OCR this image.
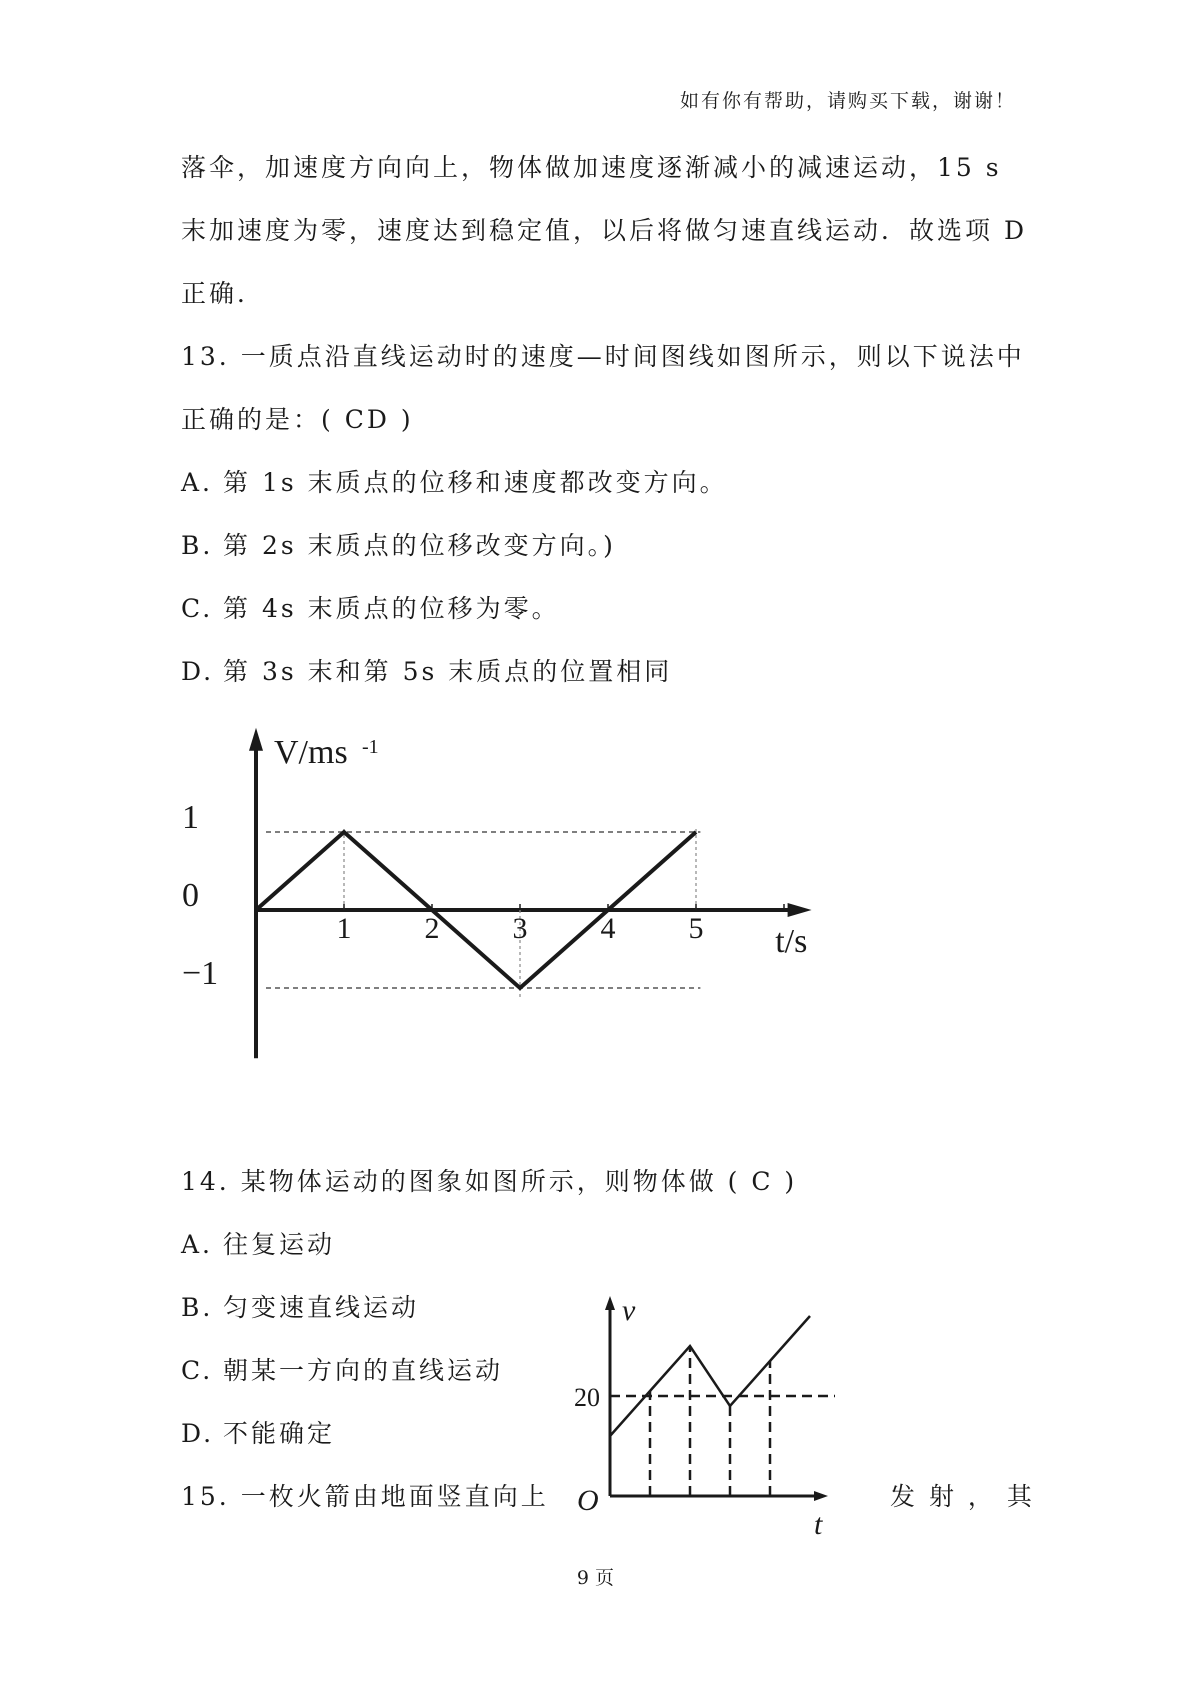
如有你有帮助，请购买下载，谢谢！
落伞，加速度方向向上，物体做加速度逐渐减小的减速运动，15 s
末加速度为零，速度达到稳定值，以后将做匀速直线运动．故选项 D
正确．
13. 一质点沿直线运动时的速度—时间图线如图所示，则以下说法中
正确的是：( CD )
A. 第 1s 末质点的位移和速度都改变方向。
B. 第 2s 末质点的位移改变方向。)
C. 第 4s 末质点的位移为零。
D. 第 3s 末和第 5s 末质点的位置相同
1 2 3 4 5
1
0
−1
V/ms -1
t/s
14. 某物体运动的图象如图所示，则物体做 ( C )
A. 往复运动
B. 匀变速直线运动
C. 朝某一方向的直线运动
D. 不能确定
15. 一枚火箭由地面竖直向上	发 射 ， 其
v
t
O
20
9 页
